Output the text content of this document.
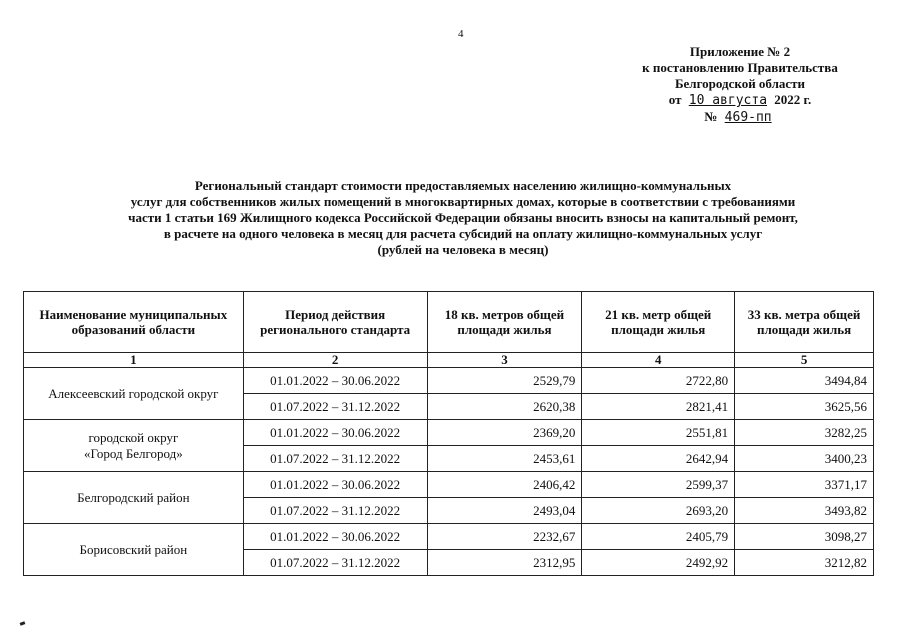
4
Приложение № 2
к постановлению Правительства
Белгородской области
от 10 августа 2022 г.
№ 469-пп
Региональный стандарт стоимости предоставляемых населению жилищно-коммунальных
услуг для собственников жилых помещений в многоквартирных домах, которые в соответствии с требованиями
части 1 статьи 169 Жилищного кодекса Российской Федерации обязаны вносить взносы на капитальный ремонт,
в расчете на одного человека в месяц для расчета субсидий на оплату жилищно-коммунальных услуг
(рублей на человека в месяц)
Наименование муниципальных образований области	Период действия регионального стандарта	18 кв. метров общей площади жилья	21 кв. метр общей площади жилья	33 кв. метра общей площади жилья
1	2	3	4	5

Алексеевский городской округ	01.01.2022 – 30.06.2022	2529,79	2722,80	3494,84
	01.07.2022 – 31.12.2022	2620,38	2821,41	3625,56

городской округ
«Город Белгород»	01.01.2022 – 30.06.2022	2369,20	2551,81	3282,25
	01.07.2022 – 31.12.2022	2453,61	2642,94	3400,23

Белгородский район	01.01.2022 – 30.06.2022	2406,42	2599,37	3371,17
	01.07.2022 – 31.12.2022	2493,04	2693,20	3493,82

Борисовский район	01.01.2022 – 30.06.2022	2232,67	2405,79	3098,27
	01.07.2022 – 31.12.2022	2312,95	2492,92	3212,82
